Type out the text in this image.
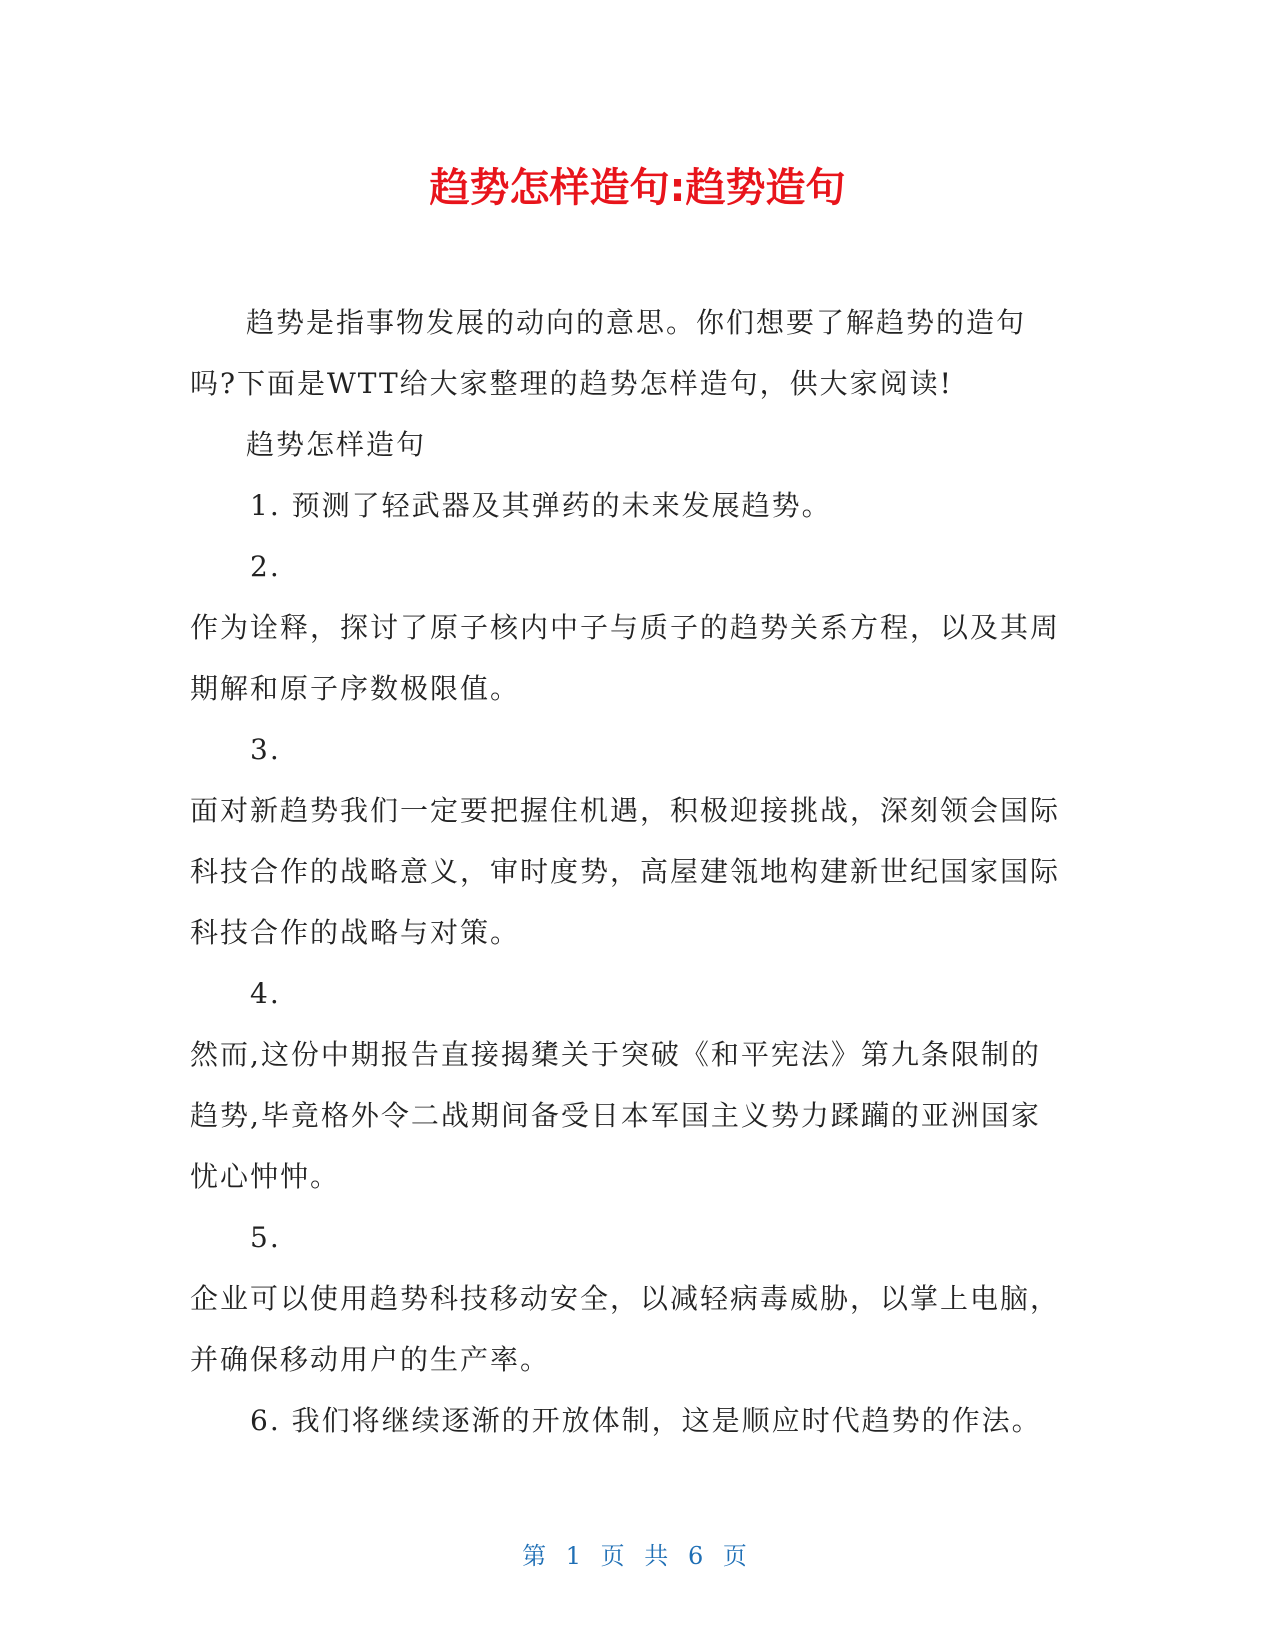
趋势怎样造句:趋势造句

趋势是指事物发展的动向的意思。你们想要了解趋势的造句吗?下面是WTT给大家整理的趋势怎样造句，供大家阅读!

趋势怎样造句

1. 预测了轻武器及其弹药的未来发展趋势。

2.

作为诠释，探讨了原子核内中子与质子的趋势关系方程，以及其周期解和原子序数极限值。

3.

面对新趋势我们一定要把握住机遇，积极迎接挑战，深刻领会国际科技合作的战略意义，审时度势，高屋建瓴地构建新世纪国家国际科技合作的战略与对策。

4.

然而,这份中期报告直接揭橥关于突破《和平宪法》第九条限制的趋势,毕竟格外令二战期间备受日本军国主义势力蹂躏的亚洲国家忧心忡忡。

5.

企业可以使用趋势科技移动安全，以减轻病毒威胁，以掌上电脑，并确保移动用户的生产率。

6. 我们将继续逐渐的开放体制，这是顺应时代趋势的作法。

第 1 页 共 6 页
